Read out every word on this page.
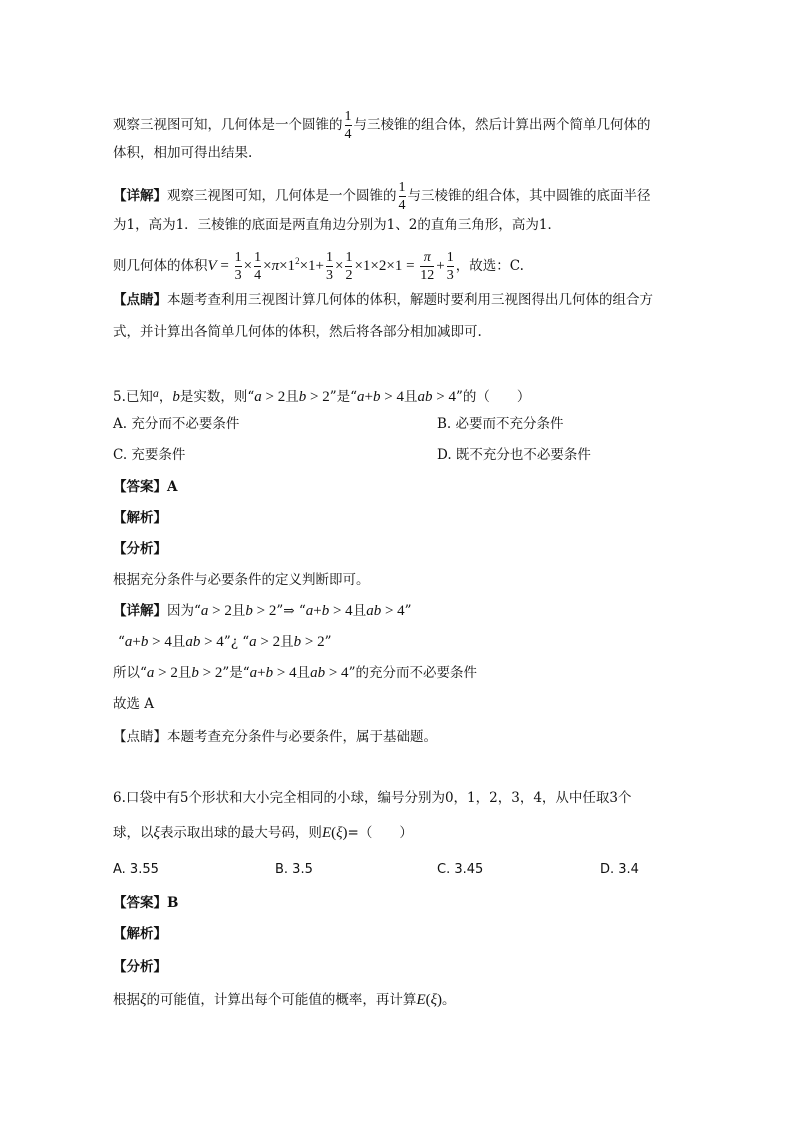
观察三视图可知，几何体是一个圆锥的 $\frac{1}{4}$ 与三棱锥的组合体，然后计算出两个简单几何体的
体积，相加可得出结果.
【详解】观察三视图可知，几何体是一个圆锥的 $\frac{1}{4}$ 与三棱锥的组合体，其中圆锥的底面半径
为1，高为1．三棱锥的底面是两直角边分别为1、2的直角三角形，高为1．
则几何体的体积$V = \frac{1}{3} \times \frac{1}{4} \times\pi\times 1^2\times 1+ \frac{1}{3} \times \frac{1}{2} \times 1\times 2\times 1 = \frac{\pi}{12} + \frac{1}{3}$ ，故选：C.
【点睛】本题考查利用三视图计算几何体的体积，解题时要利用三视图得出几何体的组合方
式，并计算出各简单几何体的体积，然后将各部分相加减即可.
5.已知a，b是实数，则“a > 2且b > 2”是“a+b > 4且ab > 4”的（　　）
A. 充分而不必要条件	B. 必要而不充分条件
C. 充要条件	D. 既不充分也不必要条件
【答案】A
【解析】
【分析】
根据充分条件与必要条件的定义判断即可。
【详解】因为“a > 2且b > 2”⇒ “a+b > 4且ab > 4”
“a+b > 4且ab > 4”¿ “a > 2且b > 2”
所以“a > 2且b > 2”是“a+b > 4且ab > 4”的充分而不必要条件
故选 A
【点睛】本题考查充分条件与必要条件，属于基础题。
6.口袋中有5个形状和大小完全相同的小球，编号分别为0，1，2，3，4，从中任取3个
球，以ξ表示取出球的最大号码，则E(ξ)=（　　）
A. 3.55	B. 3.5	C. 3.45	D. 3.4
【答案】B
【解析】
【分析】
根据ξ的可能值，计算出每个可能值的概率，再计算E(ξ)。
